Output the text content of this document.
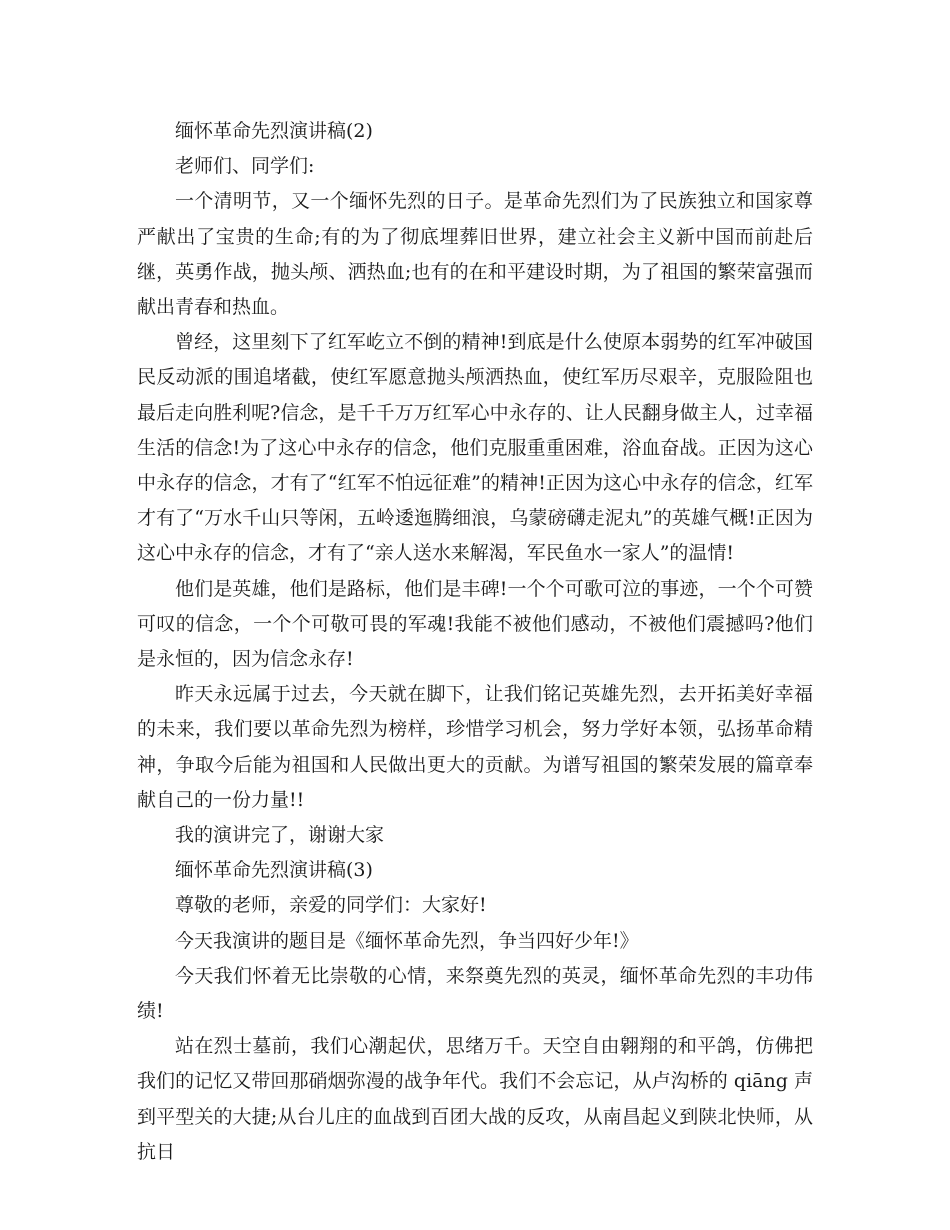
缅怀革命先烈演讲稿(2)

老师们、同学们:

一个清明节，又一个缅怀先烈的日子。是革命先烈们为了民族独立和国家尊严献出了宝贵的生命;有的为了彻底埋葬旧世界，建立社会主义新中国而前赴后继，英勇作战，抛头颅、洒热血;也有的在和平建设时期，为了祖国的繁荣富强而献出青春和热血。

曾经，这里刻下了红军屹立不倒的精神!到底是什么使原本弱势的红军冲破国民反动派的围追堵截，使红军愿意抛头颅洒热血，使红军历尽艰辛，克服险阻也最后走向胜利呢?信念，是千千万万红军心中永存的、让人民翻身做主人，过幸福生活的信念!为了这心中永存的信念，他们克服重重困难，浴血奋战。正因为这心中永存的信念，才有了“红军不怕远征难”的精神!正因为这心中永存的信念，红军才有了“万水千山只等闲，五岭逶迤腾细浪，乌蒙磅礴走泥丸”的英雄气概!正因为这心中永存的信念，才有了“亲人送水来解渴，军民鱼水一家人”的温情!

他们是英雄，他们是路标，他们是丰碑!一个个可歌可泣的事迹，一个个可赞可叹的信念，一个个可敬可畏的军魂!我能不被他们感动，不被他们震撼吗?他们是永恒的，因为信念永存!

昨天永远属于过去，今天就在脚下，让我们铭记英雄先烈，去开拓美好幸福的未来，我们要以革命先烈为榜样，珍惜学习机会，努力学好本领，弘扬革命精神，争取今后能为祖国和人民做出更大的贡献。为谱写祖国的繁荣发展的篇章奉献自己的一份力量!!

我的演讲完了，谢谢大家

缅怀革命先烈演讲稿(3)

尊敬的老师，亲爱的同学们：大家好!

今天我演讲的题目是《缅怀革命先烈，争当四好少年!》

今天我们怀着无比崇敬的心情，来祭奠先烈的英灵，缅怀革命先烈的丰功伟绩!

站在烈士墓前，我们心潮起伏，思绪万千。天空自由翱翔的和平鸽，仿佛把我们的记忆又带回那硝烟弥漫的战争年代。我们不会忘记，从卢沟桥的 qiāng 声到平型关的大捷;从台儿庄的血战到百团大战的反攻，从南昌起义到陕北快师，从抗日
